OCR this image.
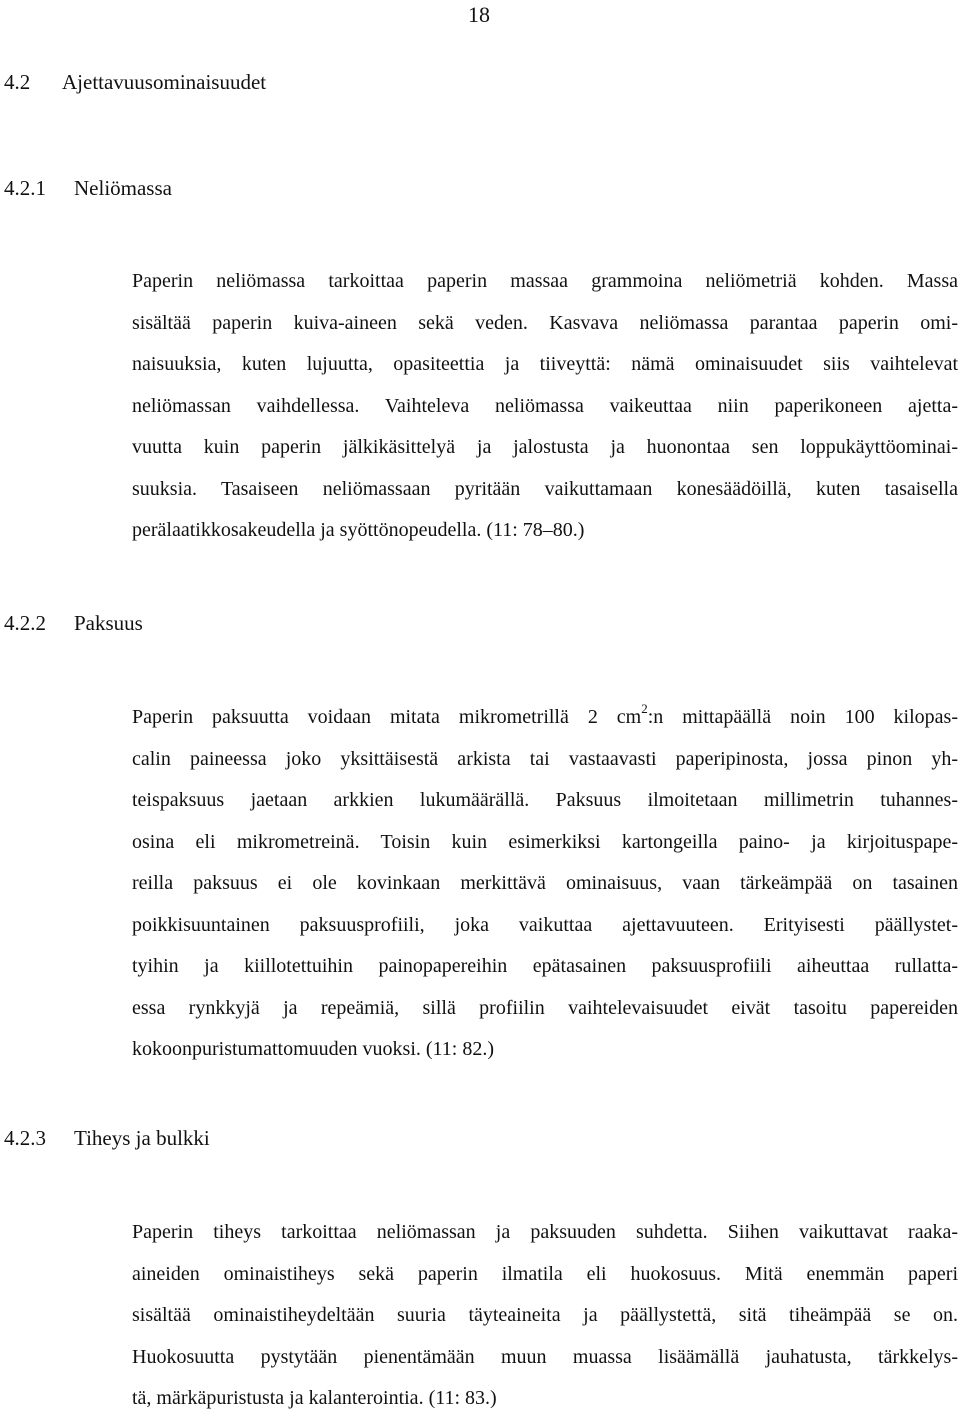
18
4.2 Ajettavuusominaisuudet
4.2.1 Neliömassa
Paperin neliömassa tarkoittaa paperin massaa grammoina neliömetriä kohden. Massa
sisältää paperin kuiva-aineen sekä veden. Kasvava neliömassa parantaa paperin omi-
naisuuksia, kuten lujuutta, opasiteettia ja tiiveyttä: nämä ominaisuudet siis vaihtelevat
neliömassan vaihdellessa. Vaihteleva neliömassa vaikeuttaa niin paperikoneen ajetta-
vuutta kuin paperin jälkikäsittelyä ja jalostusta ja huonontaa sen loppukäyttöominai-
suuksia. Tasaiseen neliömassaan pyritään vaikuttamaan konesäädöillä, kuten tasaisella
perälaatikkosakeudella ja syöttönopeudella. (11: 78–80.)
4.2.2 Paksuus
Paperin paksuutta voidaan mitata mikrometrillä 2 $cm^2:n$ mittapäällä noin 100 kilopas-
calin paineessa joko yksittäisestä arkista tai vastaavasti paperipinosta, jossa pinon yh-
teispaksuus jaetaan arkkien lukumäärällä. Paksuus ilmoitetaan millimetrin tuhannes-
osina eli mikrometreinä. Toisin kuin esimerkiksi kartongeilla paino- ja kirjoituspape-
reilla paksuus ei ole kovinkaan merkittävä ominaisuus, vaan tärkeämpää on tasainen
poikkisuuntainen paksuusprofiili, joka vaikuttaa ajettavuuteen. Erityisesti päällystet-
tyihin ja kiillotettuihin painopapereihin epätasainen paksuusprofiili aiheuttaa rullatta-
essa rynkkyjä ja repeämiä, sillä profiilin vaihtelevaisuudet eivät tasoitu papereiden
kokoonpuristumattomuuden vuoksi. (11: 82.)
4.2.3 Tiheys ja bulkki
Paperin tiheys tarkoittaa neliömassan ja paksuuden suhdetta. Siihen vaikuttavat raaka-
aineiden ominaistiheys sekä paperin ilmatila eli huokosuus. Mitä enemmän paperi
sisältää ominaistiheydeltään suuria täyteaineita ja päällystettä, sitä tiheämpää se on.
Huokosuutta pystytään pienentämään muun muassa lisäämällä jauhatusta, tärkkelys-
tä, märkäpuristusta ja kalanterointia. (11: 83.)
